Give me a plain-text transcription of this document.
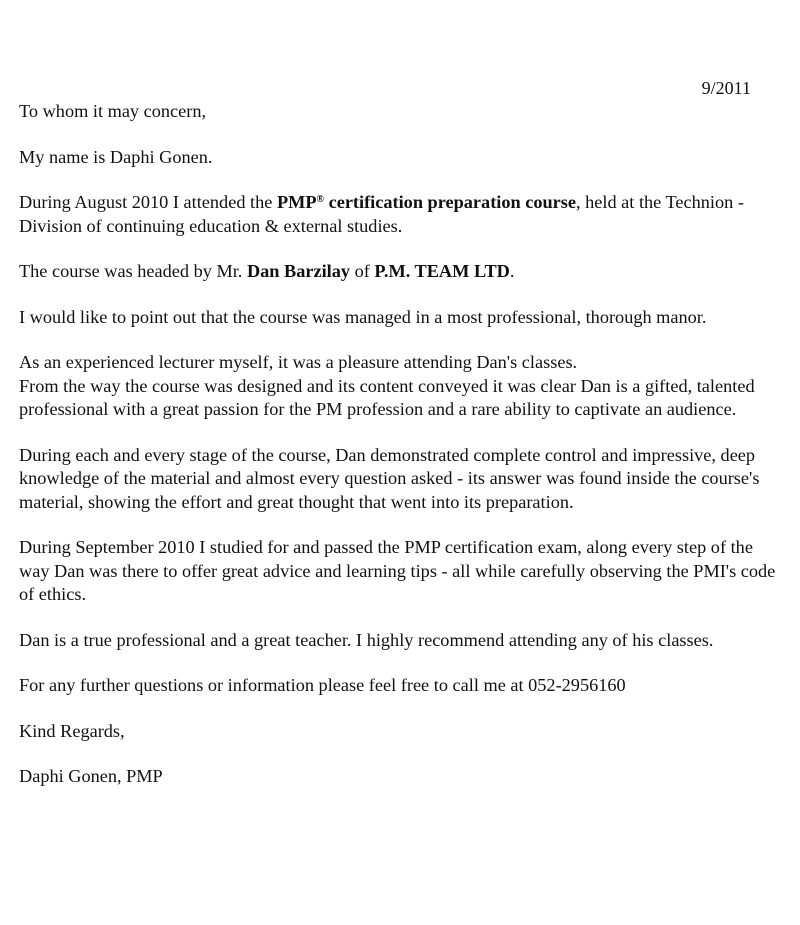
9/2011

To whom it may concern,

My name is Daphi Gonen.

During August 2010 I attended the PMP® certification preparation course, held at the Technion - Division of continuing education & external studies.

The course was headed by Mr. Dan Barzilay of P.M. TEAM LTD.

I would like to point out that the course was managed in a most professional, thorough manor.

As an experienced lecturer myself, it was a pleasure attending Dan's classes.

From the way the course was designed and its content conveyed it was clear Dan is a gifted, talented professional with a great passion for the PM profession and a rare ability to captivate an audience.

During each and every stage of the course, Dan demonstrated complete control and impressive, deep knowledge of the material and almost every question asked - its answer was found inside the course's material, showing the effort and great thought that went into its preparation.

During September 2010 I studied for and passed the PMP certification exam, along every step of the way Dan was there to offer great advice and learning tips - all while carefully observing the PMI's code of ethics.

Dan is a true professional and a great teacher. I highly recommend attending any of his classes.

For any further questions or information please feel free to call me at 052-2956160

Kind Regards,

Daphi Gonen, PMP
